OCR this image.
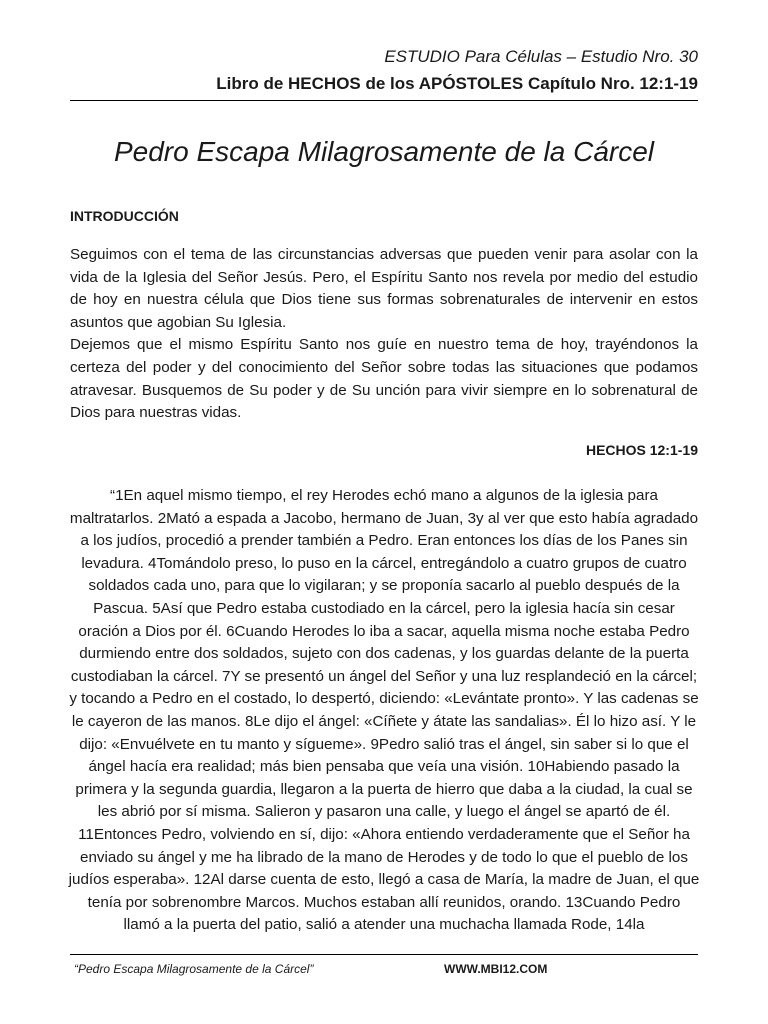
ESTUDIO Para Células – Estudio Nro. 30
Libro de HECHOS de los APÓSTOLES Capítulo Nro. 12:1-19
Pedro Escapa Milagrosamente de la Cárcel
INTRODUCCIÓN

Seguimos con el tema de las circunstancias adversas que pueden venir para asolar con la vida de la Iglesia del Señor Jesús. Pero, el Espíritu Santo nos revela por medio del estudio de hoy en nuestra célula que Dios tiene sus formas sobrenaturales de intervenir en estos asuntos que agobian Su Iglesia.

Dejemos que el mismo Espíritu Santo nos guíe en nuestro tema de hoy, trayéndonos la certeza del poder y del conocimiento del Señor sobre todas las situaciones que podamos atravesar. Busquemos de Su poder y de Su unción para vivir siempre en lo sobrenatural de Dios para nuestras vidas.

HECHOS 12:1-19
“1En aquel mismo tiempo, el rey Herodes echó mano a algunos de la iglesia para maltratarlos. 2Mató a espada a Jacobo, hermano de Juan, 3y al ver que esto había agradado a los judíos, procedió a prender también a Pedro. Eran entonces los días de los Panes sin levadura. 4Tomándolo preso, lo puso en la cárcel, entregándolo a cuatro grupos de cuatro soldados cada uno, para que lo vigilaran; y se proponía sacarlo al pueblo después de la Pascua. 5Así que Pedro estaba custodiado en la cárcel, pero la iglesia hacía sin cesar oración a Dios por él. 6Cuando Herodes lo iba a sacar, aquella misma noche estaba Pedro durmiendo entre dos soldados, sujeto con dos cadenas, y los guardas delante de la puerta custodiaban la cárcel. 7Y se presentó un ángel del Señor y una luz resplandeció en la cárcel; y tocando a Pedro en el costado, lo despertó, diciendo: «Levántate pronto». Y las cadenas se le cayeron de las manos. 8Le dijo el ángel: «Cíñete y átate las sandalias». Él lo hizo así. Y le dijo: «Envuélvete en tu manto y sígueme». 9Pedro salió tras el ángel, sin saber si lo que el ángel hacía era realidad; más bien pensaba que veía una visión. 10Habiendo pasado la primera y la segunda guardia, llegaron a la puerta de hierro que daba a la ciudad, la cual se les abrió por sí misma. Salieron y pasaron una calle, y luego el ángel se apartó de él. 11Entonces Pedro, volviendo en sí, dijo: «Ahora entiendo verdaderamente que el Señor ha enviado su ángel y me ha librado de la mano de Herodes y de todo lo que el pueblo de los judíos esperaba». 12Al darse cuenta de esto, llegó a casa de María, la madre de Juan, el que tenía por sobrenombre Marcos. Muchos estaban allí reunidos, orando. 13Cuando Pedro llamó a la puerta del patio, salió a atender una muchacha llamada Rode, 14la
“Pedro Escapa Milagrosamente de la Cárcel”	WWW.MBI12.COM
